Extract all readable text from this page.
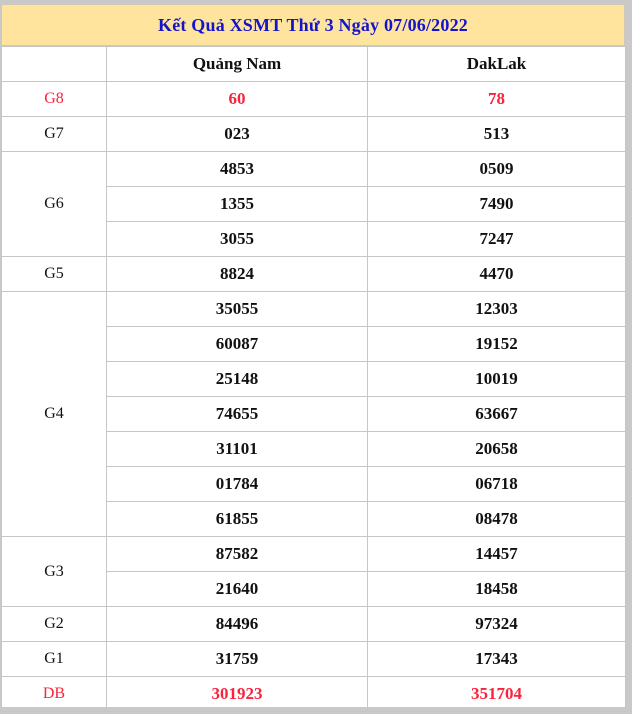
Kết Quả XSMT Thứ 3 Ngày 07/06/2022
	Quảng Nam	DakLak
G8	60	78
G7	023	513
G6	4853	0509
	1355	7490
	3055	7247
G5	8824	4470
G4	35055	12303
	60087	19152
	25148	10019
	74655	63667
	31101	20658
	01784	06718
	61855	08478
G3	87582	14457
	21640	18458
G2	84496	97324
G1	31759	17343
DB	301923	351704
